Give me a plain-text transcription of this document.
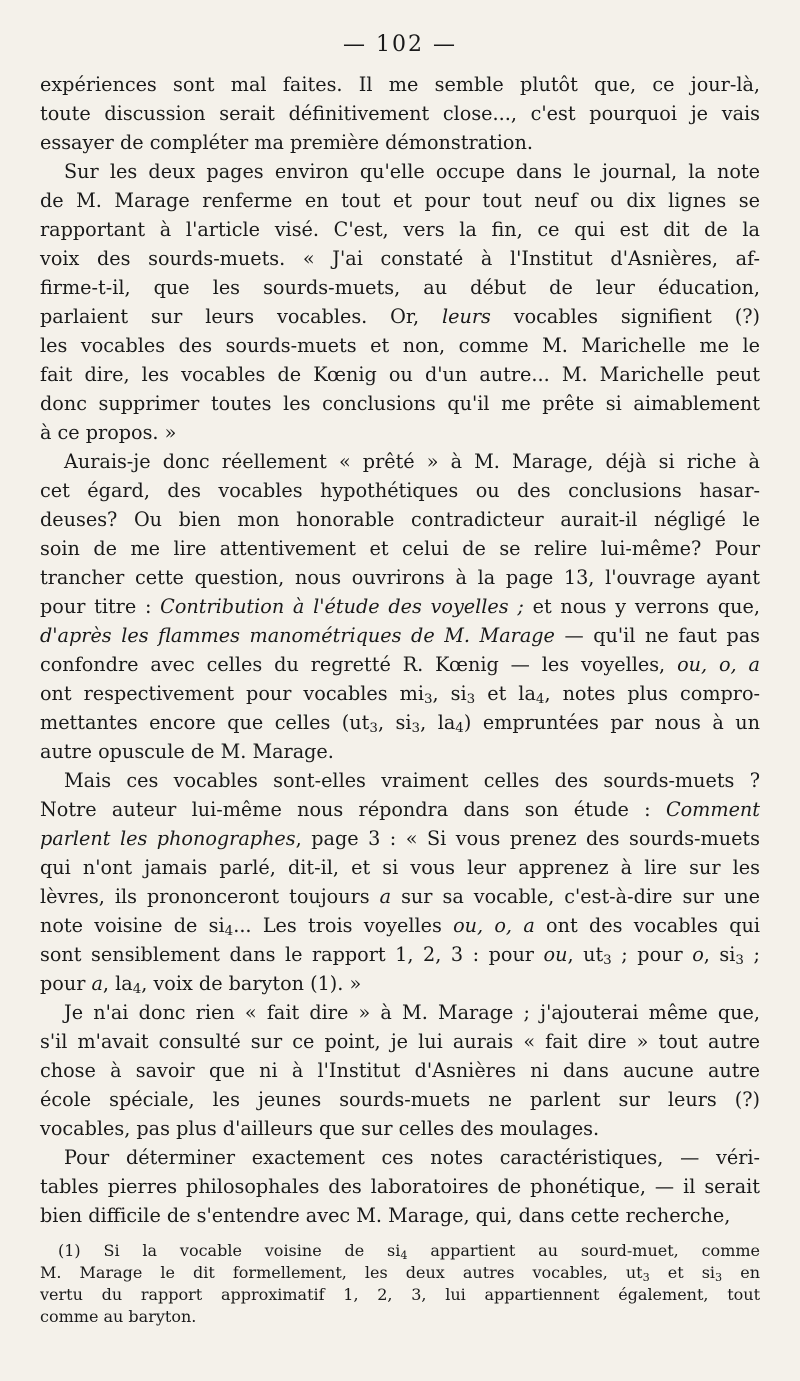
— 102 —

expériences sont mal faites. Il me semble plutôt que, ce jour-là,
toute discussion serait définitivement close..., c'est pourquoi je vais
essayer de compléter ma première démonstration.

Sur les deux pages environ qu'elle occupe dans le journal, la note
de M. Marage renferme en tout et pour tout neuf ou dix lignes se
rapportant à l'article visé. C'est, vers la fin, ce qui est dit de la
voix des sourds-muets. « J'ai constaté à l'Institut d'Asnières, af-
firme-t-il, que les sourds-muets, au début de leur éducation,
parlaient sur leurs vocables. Or, leurs vocables signifient (?)
les vocables des sourds-muets et non, comme M. Marichelle me le
fait dire, les vocables de Kœnig ou d'un autre... M. Marichelle peut
donc supprimer toutes les conclusions qu'il me prête si aimablement
à ce propos. »

Aurais-je donc réellement « prêté » à M. Marage, déjà si riche à
cet égard, des vocables hypothétiques ou des conclusions hasar-
deuses? Ou bien mon honorable contradicteur aurait-il négligé le
soin de me lire attentivement et celui de se relire lui-même? Pour
trancher cette question, nous ouvrirons à la page 13, l'ouvrage ayant
pour titre : Contribution à l'étude des voyelles ; et nous y verrons que,
d'après les flammes manométriques de M. Marage — qu'il ne faut pas
confondre avec celles du regretté R. Kœnig — les voyelles, ou, o, a
ont respectivement pour vocables $mi_3$, $si_3$ et $la_4$, notes plus compro-
mettantes encore que celles ($ut_3$, $si_3$, $la_4$) empruntées par nous à un
autre opuscule de M. Marage.

Mais ces vocables sont-elles vraiment celles des sourds-muets ?
Notre auteur lui-même nous répondra dans son étude : Comment
parlent les phonographes, page 3 : « Si vous prenez des sourds-muets
qui n'ont jamais parlé, dit-il, et si vous leur apprenez à lire sur les
lèvres, ils prononceront toujours a sur sa vocable, c'est-à-dire sur une
note voisine de $si_4$... Les trois voyelles ou, o, a ont des vocables qui
sont sensiblement dans le rapport 1, 2, 3 : pour ou, $ut_3$ ; pour o, $si_3$ ;
pour a, $la_4$, voix de baryton (1). »

Je n'ai donc rien « fait dire » à M. Marage ; j'ajouterai même que,
s'il m'avait consulté sur ce point, je lui aurais « fait dire » tout autre
chose à savoir que ni à l'Institut d'Asnières ni dans aucune autre
école spéciale, les jeunes sourds-muets ne parlent sur leurs (?)
vocables, pas plus d'ailleurs que sur celles des moulages.

Pour déterminer exactement ces notes caractéristiques, — véri-
tables pierres philosophales des laboratoires de phonétique, — il serait
bien difficile de s'entendre avec M. Marage, qui, dans cette recherche,

(1) Si la vocable voisine de $si_4$ appartient au sourd-muet, comme
M. Marage le dit formellement, les deux autres vocables, $ut_3$ et $si_3$ en
vertu du rapport approximatif 1, 2, 3, lui appartiennent également, tout
comme au baryton.
